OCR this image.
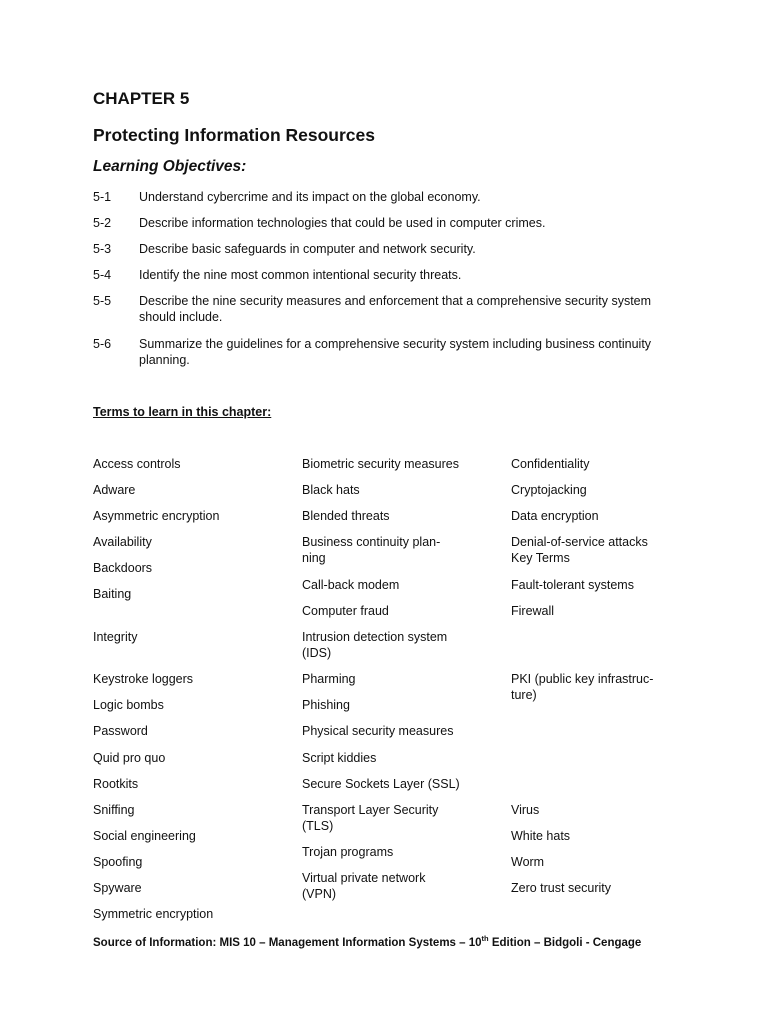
CHAPTER 5
Protecting Information Resources
Learning Objectives:
5-1 Understand cybercrime and its impact on the global economy.
5-2 Describe information technologies that could be used in computer crimes.
5-3 Describe basic safeguards in computer and network security.
5-4 Identify the nine most common intentional security threats.
5-5 Describe the nine security measures and enforcement that a comprehensive security system should include.
5-6 Summarize the guidelines for a comprehensive security system including business continuity planning.
Terms to learn in this chapter:
Access controls
Adware
Asymmetric encryption
Availability
Backdoors
Baiting
Integrity
Keystroke loggers
Logic bombs
Password
Quid pro quo
Rootkits
Sniffing
Social engineering
Spoofing
Spyware
Symmetric encryption
Biometric security measures
Black hats
Blended threats
Business continuity plan-ning
Call-back modem
Computer fraud
Intrusion detection system (IDS)
Pharming
Phishing
Physical security measures
Script kiddies
Secure Sockets Layer (SSL)
Transport Layer Security (TLS)
Trojan programs
Virtual private network (VPN)
Confidentiality
Cryptojacking
Data encryption
Denial-of-service attacks Key Terms
Fault-tolerant systems
Firewall
PKI (public key infrastruc-ture)
Virus
White hats
Worm
Zero trust security
Source of Information: MIS 10 – Management Information Systems – 10th Edition – Bidgoli - Cengage
